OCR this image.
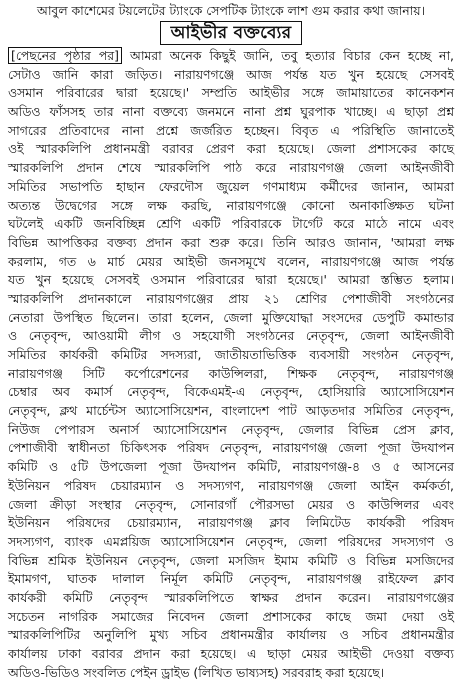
আবুল কাশেমের টয়লেটের ট্যাংকে সেপটিক ট্যাংকে লাশ গুম করার কথা জানায়।
আইভীর বক্তব্যের
[পেছনের পৃষ্ঠার পর] আমরা অনেক কিছুই জানি, তবু হত্যার বিচার কেন হচ্ছে না,
সেটাও জানি কারা জড়িত। নারায়ণগঞ্জে আজ পর্যন্ত যত খুন হয়েছে সেসবই
ওসমান পরিবারের দ্বারা হয়েছে।' সম্প্রতি আইভীর সঙ্গে জামায়াতের কানেকশন
অডিও ফাঁসসহ তার নানা বক্তব্যে জনমনে নানা প্রশ্ন ঘুরপাক খাচ্ছে। এ ছাড়া প্রশ্ন
সাগরের প্রতিবাদের নানা প্রশ্নে জর্জরিত হচ্ছেন। বিবৃত এ পরিস্থিতি জানাতেই
ওই স্মারকলিপি প্রধানমন্ত্রী বরাবর প্রেরণ করা হয়েছে। জেলা প্রশাসকের কাছে
স্মারকলিপি প্রদান শেষে স্মারকলিপি পাঠ করে নারায়ণগঞ্জ জেলা আইনজীবী
সমিতির সভাপতি হাছান ফেরদৌস জুয়েল গণমাধ্যম কর্মীদের জানান, আমরা
অত্যন্ত উদ্বেগের সঙ্গে লক্ষ করছি, নারায়ণগঞ্জে কোনো অনাকাঙ্ক্ষিত ঘটনা
ঘটলেই একটি জনবিচ্ছিন্ন শ্রেণি একটি পরিবারকে টার্গেট করে মাঠে নামে এবং
বিভিন্ন আপত্তিকর বক্তব্য প্রদান করা শুরু করে। তিনি আরও জানান, 'আমরা লক্ষ
করলাম, গত ৬ মার্চ মেয়র আইভী জনসমূখে বলেন, নারায়ণগঞ্জে আজ পর্যন্ত
যত খুন হয়েছে সেসবই ওসমান পরিবারের দ্বারা হয়েছে।' আমরা স্তম্ভিত হলাম।
স্মারকলিপি প্রদানকালে নারায়ণগঞ্জের প্রায় ২১ শ্রেণির পেশাজীবী সংগঠনের
নেতারা উপস্থিত ছিলেন। তারা হলেন, জেলা মুক্তিযোদ্ধা সংসদের ডেপুটি কমান্ডার
ও নেতৃবৃন্দ, আওয়ামী লীগ ও সহযোগী সংগঠনের নেতৃবৃন্দ, জেলা আইনজীবী
সমিতির কার্যকরী কমিটির সদস্যরা, জাতীয়তাভিত্তিক ব্যবসায়ী সংগঠন নেতৃবৃন্দ,
নারায়ণগঞ্জ সিটি কর্পোরেশনের কাউন্সিলরা, শিক্ষক নেতৃবৃন্দ, নারায়ণগঞ্জ
চেম্বার অব কমার্স নেতৃবৃন্দ, বিকেএমই-এ নেতৃবৃন্দ, হোসিয়ারি অ্যাসোসিয়েশন
নেতৃবৃন্দ, ক্লথ মার্চেন্টস অ্যাসোসিয়েশন, বাংলাদেশ পাট আড়তদার সমিতির নেতৃবৃন্দ,
নিউজ পেপারস অনার্স অ্যাসোসিয়েশন নেতৃবৃন্দ, জেলার বিভিন্ন প্রেস ক্লাব,
পেশাজীবী স্বাধীনতা চিকিৎসক পরিষদ নেতৃবৃন্দ, নারায়ণগঞ্জ জেলা পূজা উদযাপন
কমিটি ও ৫টি উপজেলা পূজা উদযাপন কমিটি, নারায়ণগঞ্জ-৪ ও ৫ আসনের
ইউনিয়ন পরিষদ চেয়ারম্যান ও সদস্যগণ, নারায়ণগঞ্জ জেলা আইন কর্মকর্তা,
জেলা ক্রীড়া সংস্থার নেতৃবৃন্দ, সোনারগাঁ পৌরসভা মেয়র ও কাউন্সিলর এবং
ইউনিয়ন পরিষদের চেয়ারম্যান, নারায়ণগঞ্জ ক্লাব লিমিটেড কার্যকরী পরিষদ
সদস্যগণ, ব্যাংক এমপ্লয়িজ অ্যাসোসিয়েশন নেতৃবৃন্দ, জেলা পরিষদের সদস্যগণ ও
বিভিন্ন শ্রমিক ইউনিয়ন নেতৃবৃন্দ, জেলা মসজিদ ইমাম কমিটি ও বিভিন্ন মসজিদের
ইমামগণ, ঘাতক দালাল নির্মূল কমিটি নেতৃবৃন্দ, নারায়ণগঞ্জ রাইফেল ক্লাব
কার্যকরী কমিটি নেতৃবৃন্দ স্মারকলিপিতে স্বাক্ষর প্রদান করেন। নারায়ণগঞ্জের
সচেতন নাগরিক সমাজের নিবেদন জেলা প্রশাসকের কাছে জমা দেয়া ওই
স্মারকলিপিটির অনুলিপি মুখ্য সচিব প্রধানমন্ত্রীর কার্যালয় ও সচিব প্রধানমন্ত্রীর
কার্যালয় ঢাকা বরাবর প্রদান করা হয়েছে। এ ছাড়া মেয়র আইভী দেওয়া বক্তব্য
অডিও-ভিডিও সংবলিত পেইন ড্রাইভ (লিখিত ভাষ্যসহ) সরবরাহ করা হয়েছে।
